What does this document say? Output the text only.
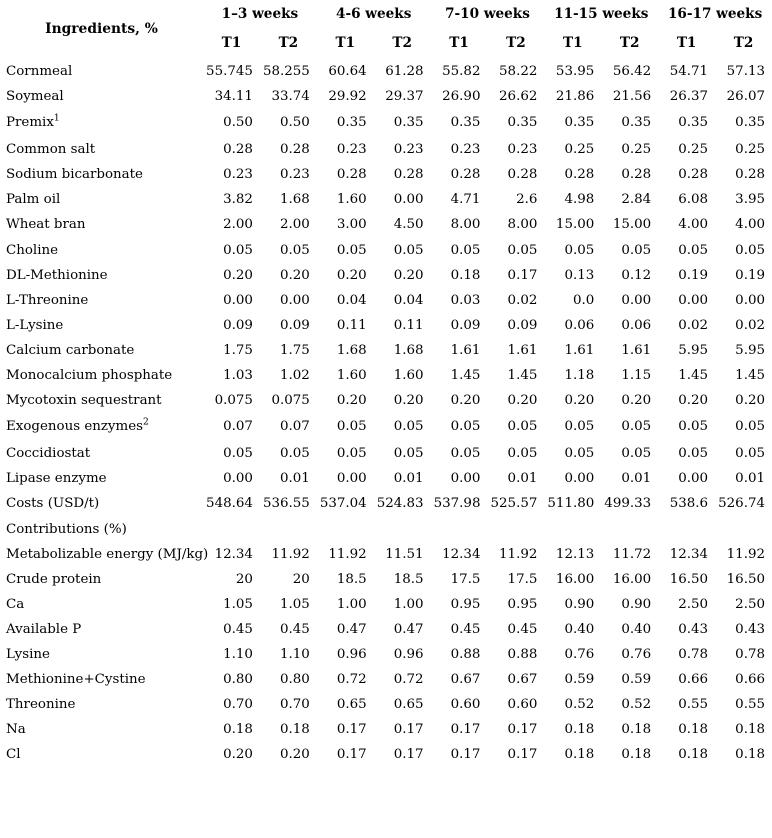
Ingredients, %	1–3 weeks		4-6 weeks		7-10 weeks		11-15 weeks		16-17 weeks	
	T1	T2	T1	T2	T1	T2	T1	T2	T1	T2
Cornmeal	55.745	58.255	60.64	61.28	55.82	58.22	53.95	56.42	54.71	57.13
Soymeal	34.11	33.74	29.92	29.37	26.90	26.62	21.86	21.56	26.37	26.07
Premix$^1$	0.50	0.50	0.35	0.35	0.35	0.35	0.35	0.35	0.35	0.35
Common salt	0.28	0.28	0.23	0.23	0.23	0.23	0.25	0.25	0.25	0.25
Sodium bicarbonate	0.23	0.23	0.28	0.28	0.28	0.28	0.28	0.28	0.28	0.28
Palm oil	3.82	1.68	1.60	0.00	4.71	2.6	4.98	2.84	6.08	3.95
Wheat bran	2.00	2.00	3.00	4.50	8.00	8.00	15.00	15.00	4.00	4.00
Choline	0.05	0.05	0.05	0.05	0.05	0.05	0.05	0.05	0.05	0.05
DL-Methionine	0.20	0.20	0.20	0.20	0.18	0.17	0.13	0.12	0.19	0.19
L-Threonine	0.00	0.00	0.04	0.04	0.03	0.02	0.0	0.00	0.00	0.00
L-Lysine	0.09	0.09	0.11	0.11	0.09	0.09	0.06	0.06	0.02	0.02
Calcium carbonate	1.75	1.75	1.68	1.68	1.61	1.61	1.61	1.61	5.95	5.95
Monocalcium phosphate	1.03	1.02	1.60	1.60	1.45	1.45	1.18	1.15	1.45	1.45
Mycotoxin sequestrant	0.075	0.075	0.20	0.20	0.20	0.20	0.20	0.20	0.20	0.20
Exogenous enzymes$^2$	0.07	0.07	0.05	0.05	0.05	0.05	0.05	0.05	0.05	0.05
Coccidiostat	0.05	0.05	0.05	0.05	0.05	0.05	0.05	0.05	0.05	0.05
Lipase enzyme	0.00	0.01	0.00	0.01	0.00	0.01	0.00	0.01	0.00	0.01
Costs (USD/t)	548.64	536.55	537.04	524.83	537.98	525.57	511.80	499.33	538.6	526.74
Contributions (%)										
Metabolizable energy (MJ/kg)	12.34	11.92	11.92	11.51	12.34	11.92	12.13	11.72	12.34	11.92
Crude protein	20	20	18.5	18.5	17.5	17.5	16.00	16.00	16.50	16.50
Ca	1.05	1.05	1.00	1.00	0.95	0.95	0.90	0.90	2.50	2.50
Available P	0.45	0.45	0.47	0.47	0.45	0.45	0.40	0.40	0.43	0.43
Lysine	1.10	1.10	0.96	0.96	0.88	0.88	0.76	0.76	0.78	0.78
Methionine+Cystine	0.80	0.80	0.72	0.72	0.67	0.67	0.59	0.59	0.66	0.66
Threonine	0.70	0.70	0.65	0.65	0.60	0.60	0.52	0.52	0.55	0.55
Na	0.18	0.18	0.17	0.17	0.17	0.17	0.18	0.18	0.18	0.18
Cl	0.20	0.20	0.17	0.17	0.17	0.17	0.18	0.18	0.18	0.18
